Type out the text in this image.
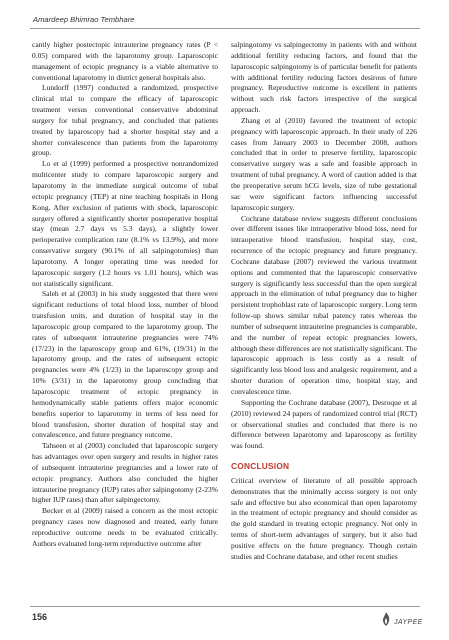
Amardeep Bhimrao Tembhare

cantly higher postectopic intrauterine pregnancy rates (P < 0.05) compared with the laparotomy group. Laparoscopic management of ectopic pregnancy is a viable alternative to conventional laparotomy in district general hospitals also.

Lundorff (1997) conducted a randomized, prospective clinical trial to compare the efficacy of laparoscopic treatment versus conventional conservative abdominal surgery for tubal pregnancy, and concluded that patients treated by laparoscopy had a shorter hospital stay and a shorter convalescence than patients from the laparotomy group.

Lo et al (1999) performed a prospective nonrandomized multicenter study to compare laparoscopic surgery and laparotomy in the immediate surgical outcome of tubal ectopic pregnancy (TEP) at nine teaching hospitals in Hong Kong. After exclusion of patients with shock, laparoscopic surgery offered a significantly shorter postoperative hospital stay (mean 2.7 days vs 5.3 days), a slightly lower perioperative complication rate (8.1% vs 13.9%), and more conservative surgery (90.1% of all salpingotomies) than laparotomy. A longer operating time was needed for laparoscopic surgery (1.2 hours vs 1.01 hours), which was not statistically significant.

Saleh et al (2003) in his study suggested that there were significant reductions of total blood loss, number of blood transfusion units, and duration of hospital stay in the laparoscopic group compared to the laparotomy group. The rates of subsequent intrauterine pregnancies were 74% (17/23) in the laparoscopy group and 61%, (19/31) in the laparotomy group, and the rates of subsequent ectopic pregnancies were 4% (1/23) in the laparoscopy group and 10% (3/31) in the laparotomy group concluding that laparoscopic treatment of ectopic pregnancy in hemodynamically stable patients offers major economic benefits superior to laparotomy in terms of less need for blood transfusion, shorter duration of hospital stay and convalescence, and future pregnancy outcome.

Tahseen et al (2003) concluded that laparoscopic surgery has advantages over open surgery and results in higher rates of subsequent intrauterine pregnancies and a lower rate of ectopic pregnancy. Authors also concluded the higher intrauterine pregnancy (IUP) rates after salpingotomy (2-23% higher IUP rates) than after salpingectomy.

Becker et al (2009) raised a concern as the most ectopic pregnancy cases now diagnosed and treated, early future reproductive outcome needs to be evaluated critically. Authors evaluated long-term reproductive outcome after

salpingotomy vs salpingectomy in patients with and without additional fertility reducing factors, and found that the laparoscopic salpingotomy is of particular benefit for patients with additional fertility reducing factors desirous of future pregnancy. Reproductive outcome is excellent in patients without such risk factors irrespective of the surgical approach.

Zhang et al (2010) favored the treatment of ectopic pregnancy with laparoscopic approach. In their study of 226 cases from January 2003 to December 2008, authors concluded that in order to preserve fertility, laparoscopic conservative surgery was a safe and feasible approach in treatment of tubal pregnancy. A word of caution added is that the preoperative serum hCG levels, size of tube gestational sac were significant factors influencing successful laparoscopic surgery.

Cochrane database review suggests different conclusions over different issues like intraoperative blood loss, need for intraoperative blood transfusion, hospital stay, cost, recurrence of the ectopic pregnancy and future pregnancy. Cochrane database (2007) reviewed the various treatment options and commented that the laparoscopic conservative surgery is significantly less successful than the open surgical approach in the elimination of tubal pregnancy due to higher persistent trophoblast rate of laparoscopic surgery. Long term follow-up shows similar tubal patency rates whereas the number of subsequent intrauterine pregnancies is comparable, and the number of repeat ectopic pregnancies lowers, although these differences are not statistically significant. The laparoscopic approach is less costly as a result of significantly less blood loss and analgesic requirement, and a shorter duration of operation time, hospital stay, and convalescence time.

Supporting the Cochrane database (2007), Desroque et al (2010) reviewed 24 papers of randomized control trial (RCT) or observational studies and concluded that there is no difference between laparotomy and laparoscopy as fertility was found.

CONCLUSION

Critical overview of literature of all possible approach demonstrates that the minimally access surgery is not only safe and effective but also economical than open laparotomy in the treatment of ectopic pregnancy and should consider as the gold standard in treating ectopic pregnancy. Not only in terms of short-term advantages of surgery, but it also had positive effects on the future pregnancy. Though certain studies and Cochrane database, and other recent studies

156	JAYPEE
